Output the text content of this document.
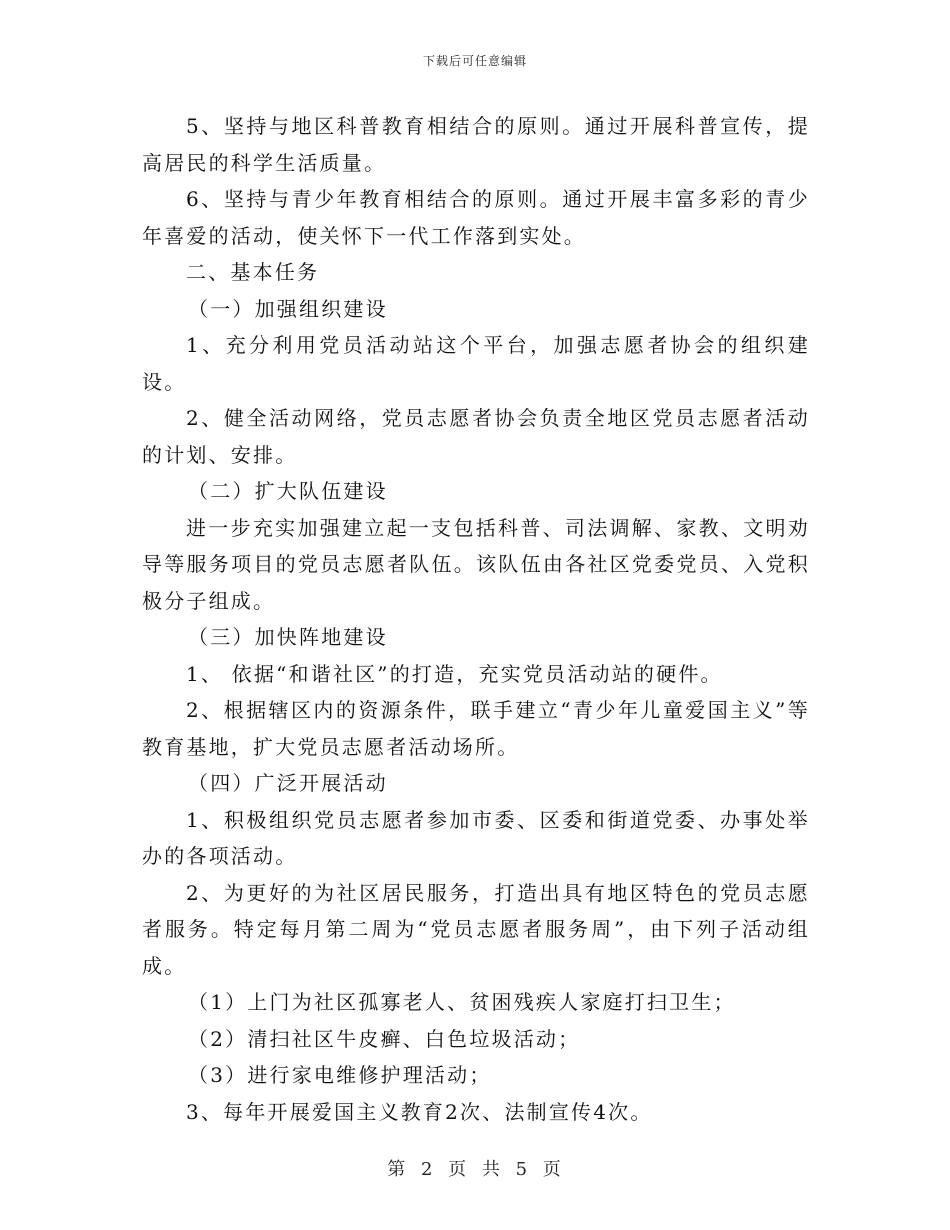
下载后可任意编辑

5、坚持与地区科普教育相结合的原则。通过开展科普宣传，提高居民的科学生活质量。

6、坚持与青少年教育相结合的原则。通过开展丰富多彩的青少年喜爱的活动，使关怀下一代工作落到实处。

二、基本任务

（一）加强组织建设

1、充分利用党员活动站这个平台，加强志愿者协会的组织建设。

2、健全活动网络，党员志愿者协会负责全地区党员志愿者活动的计划、安排。

（二）扩大队伍建设

进一步充实加强建立起一支包括科普、司法调解、家教、文明劝导等服务项目的党员志愿者队伍。该队伍由各社区党委党员、入党积极分子组成。

（三）加快阵地建设

1、 依据“和谐社区”的打造，充实党员活动站的硬件。

2、根据辖区内的资源条件，联手建立“青少年儿童爱国主义”等教育基地，扩大党员志愿者活动场所。

（四）广泛开展活动

1、积极组织党员志愿者参加市委、区委和街道党委、办事处举办的各项活动。

2、为更好的为社区居民服务，打造出具有地区特色的党员志愿者服务。特定每月第二周为“党员志愿者服务周”，由下列子活动组成。

（1）上门为社区孤寡老人、贫困残疾人家庭打扫卫生；

（2）清扫社区牛皮癣、白色垃圾活动；

（3）进行家电维修护理活动；

3、每年开展爱国主义教育2次、法制宣传4次。

第 2 页 共 5 页
